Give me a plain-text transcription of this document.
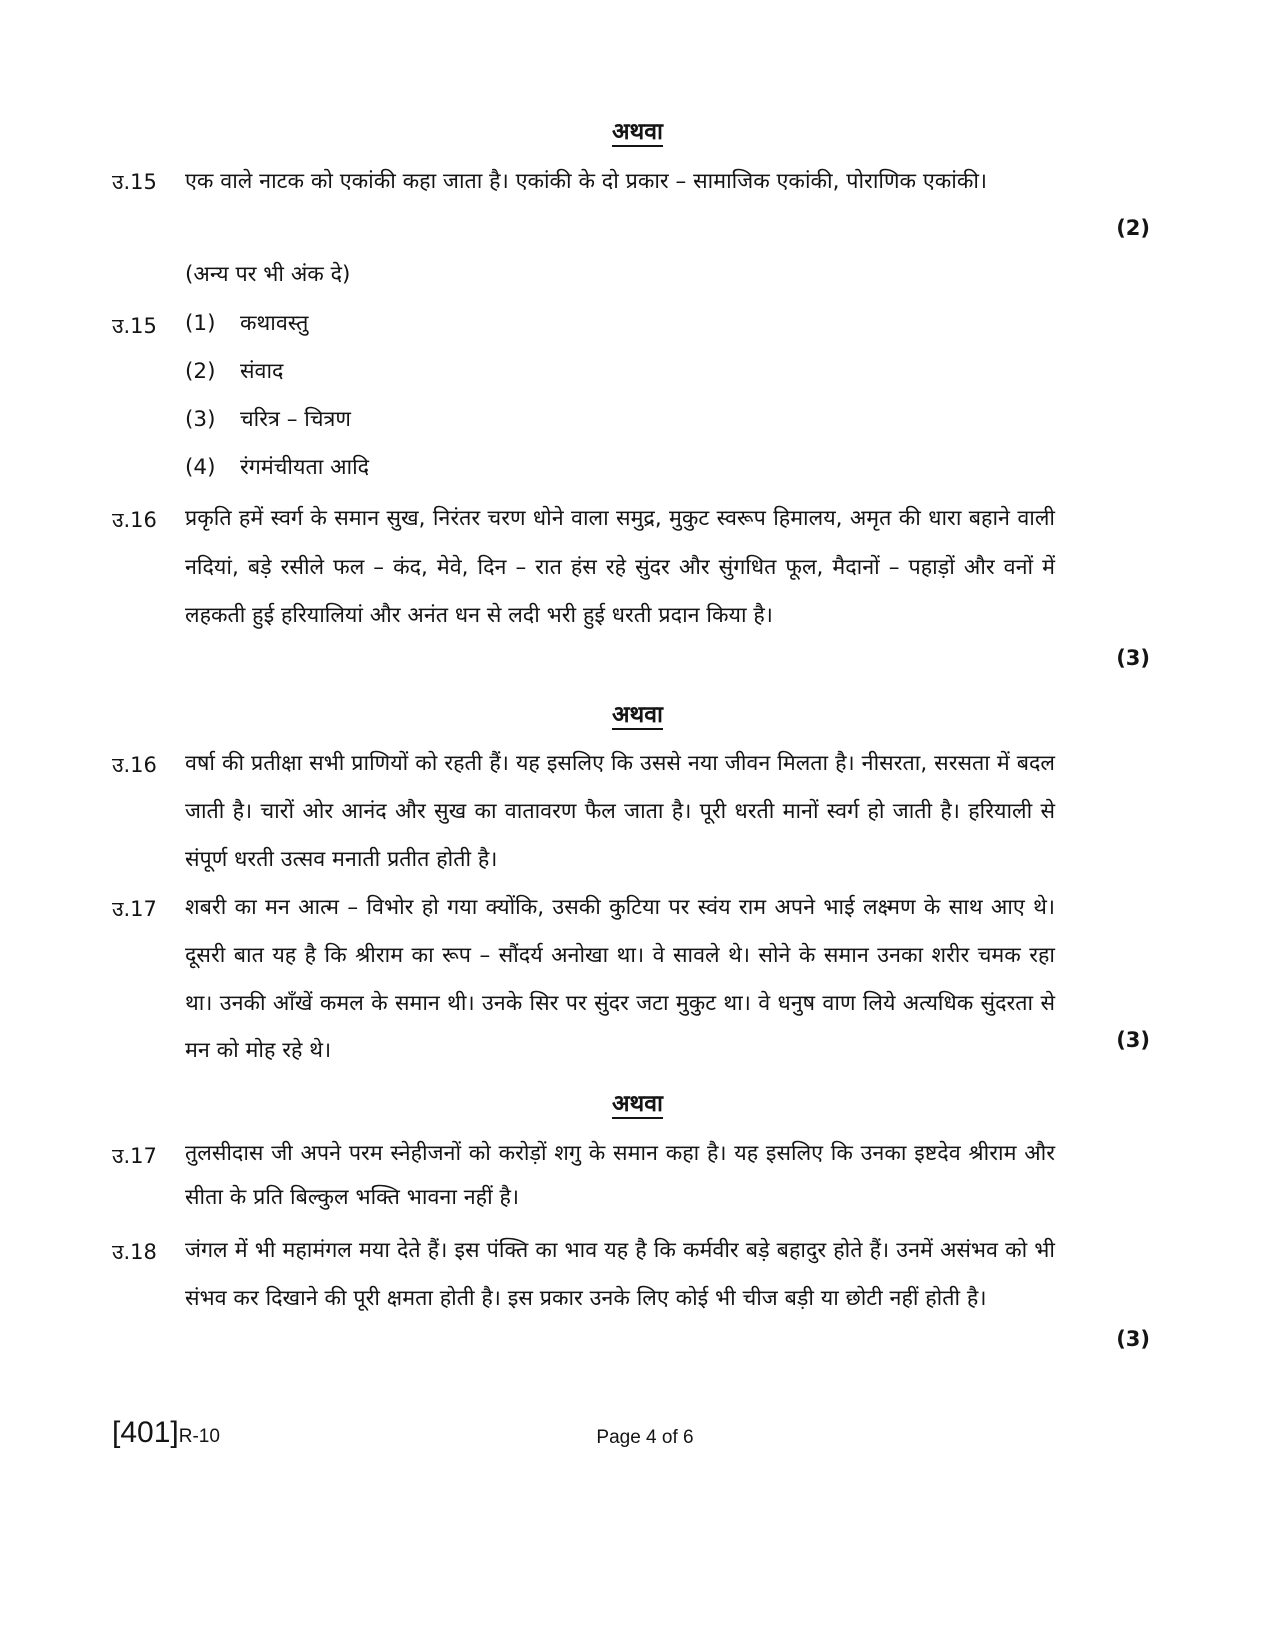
अथवा
उ.15 एक वाले नाटक को एकांकी कहा जाता है। एकांकी के दो प्रकार – सामाजिक एकांकी, पोराणिक एकांकी।

(2)

(अन्य पर भी अंक दे)

उ.15 (1) कथावस्तु
(2) संवाद
(3) चरित्र – चित्रण
(4) रंगमंचीयता आदि
उ.16 प्रकृति हमें स्वर्ग के समान सुख, निरंतर चरण धोने वाला समुद्र, मुकुट स्वरूप हिमालय, अमृत की धारा बहाने वाली नदियां, बड़े रसीले फल – कंद, मेवे, दिन – रात हंस रहे सुंदर और सुंगधित फूल, मैदानों – पहाड़ों और वनों में लहकती हुई हरियालियां और अनंत धन से लदी भरी हुई धरती प्रदान किया है।

(3)
अथवा
उ.16 वर्षा की प्रतीक्षा सभी प्राणियों को रहती हैं। यह इसलिए कि उससे नया जीवन मिलता है। नीसरता, सरसता में बदल जाती है। चारों ओर आनंद और सुख का वातावरण फैल जाता है। पूरी धरती मानों स्वर्ग हो जाती है। हरियाली से संपूर्ण धरती उत्सव मनाती प्रतीत होती है।

उ.17 शबरी का मन आत्म – विभोर हो गया क्योंकि, उसकी कुटिया पर स्वंय राम अपने भाई लक्ष्मण के साथ आए थे। दूसरी बात यह है कि श्रीराम का रूप – सौंदर्य अनोखा था। वे सावले थे। सोने के समान उनका शरीर चमक रहा था। उनकी आँखें कमल के समान थी। उनके सिर पर सुंदर जटा मुकुट था। वे धनुष वाण लिये अत्यधिक सुंदरता से मन को मोह रहे थे।	(3)
अथवा
उ.17 तुलसीदास जी अपने परम स्नेहीजनों को करोड़ों शगु के समान कहा है। यह इसलिए कि उनका इष्टदेव श्रीराम और सीता के प्रति बिल्कुल भक्ति भावना नहीं है।

उ.18 जंगल में भी महामंगल मया देते हैं। इस पंक्ति का भाव यह है कि कर्मवीर बड़े बहादुर होते हैं। उनमें असंभव को भी संभव कर दिखाने की पूरी क्षमता होती है। इस प्रकार उनके लिए कोई भी चीज बड़ी या छोटी नहीं होती है।

(3)
[401]R-10	Page 4 of 6
